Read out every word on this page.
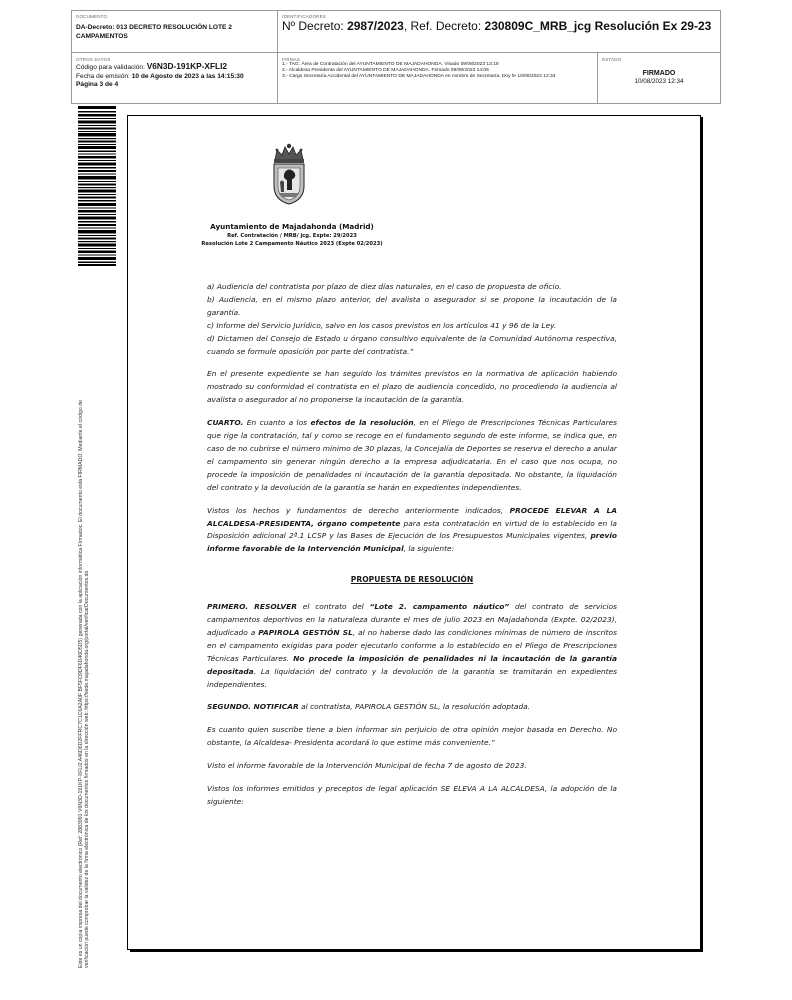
DOCUMENTO
DA-Decreto: 013 DECRETO RESOLUCIÓN LOTE 2 CAMPAMENTOS
IDENTIFICADORES
Nº Decreto: 2987/2023, Ref. Decreto: 230809C_MRB_jcg Resolución Ex 29-23
OTROS DATOS
Código para validación: V6N3D-191KP-XFLI2
Fecha de emisión: 10 de Agosto de 2023 a las 14:15:30
Página 3 de 4
FIRMAS
1.- TAG. Área de Contratación del AYUNTAMIENTO DE MAJADAHONDA. Visado 09/08/2023 13:19
2.- Alcaldesa Presidenta del AYUNTAMIENTO DE MAJADAHONDA. Firmado 09/08/2023 14:05
3.- Cargo Secretaría Accidental del AYUNTAMIENTO DE MAJADAHONDA en nombre de Secretaría. Doy fe 10/08/2023 12:34
ESTADO
FIRMADO
10/08/2023 12:34
Este es un copia impresa del documento electrónico (Ref: 2883991 V6N3D-191KP-XFLI2 A46D6D2FFRC7C1C6A2A0F BF5FD9DF6D46D5D5) generada con la aplicación informática Firmadoc. El documento está FIRMADO. Mediante el código de verificación puede comprobar la validez de la firma electrónica de los documentos firmados en la dirección web: https://sede.majadahonda.org/portal/verificarDocumentos.do
Ayuntamiento de Majadahonda (Madrid)
Ref. Contratación / MRB/ jcg. Expte: 29/2023
Resolución Lote 2 Campamento Náutico 2023 (Expte 02/2023)

a) Audiencia del contratista por plazo de diez días naturales, en el caso de propuesta de oficio.

b) Audiencia, en el mismo plazo anterior, del avalista o asegurador si se propone la incautación de la garantía.

c) Informe del Servicio Jurídico, salvo en los casos previstos en los artículos 41 y 96 de la Ley.

d) Dictamen del Consejo de Estado u órgano consultivo equivalente de la Comunidad Autónoma respectiva, cuando se formule oposición por parte del contratista.”

En el presente expediente se han seguido los trámites previstos en la normativa de aplicación habiendo mostrado su conformidad el contratista en el plazo de audiencia concedido, no procediendo la audiencia al avalista o asegurador al no proponerse la incautación de la garantía.

CUARTO. En cuanto a los efectos de la resolución, en el Pliego de Prescripciones Técnicas Particulares que rige la contratación, tal y como se recoge en el fundamento segundo de este informe, se indica que, en caso de no cubrirse el número mínimo de 30 plazas, la Concejalía de Deportes se reserva el derecho a anular el campamento sin generar ningún derecho a la empresa adjudicataria. En el caso que nos ocupa, no procede la imposición de penalidades ni incautación de la garantía depositada. No obstante, la liquidación del contrato y la devolución de la garantía se harán en expedientes independientes.

Vistos los hechos y fundamentos de derecho anteriormente indicados, PROCEDE ELEVAR A LA ALCALDESA-PRESIDENTA, órgano competente para esta contratación en virtud de lo establecido en la Disposición adicional 2ª.1 LCSP y las Bases de Ejecución de los Presupuestos Municipales vigentes, previo informe favorable de la Intervención Municipal, la siguiente:

PROPUESTA DE RESOLUCIÓN

PRIMERO. RESOLVER el contrato del “Lote 2. campamento náutico” del contrato de servicios campamentos deportivos en la naturaleza durante el mes de julio 2023 en Majadahonda (Expte. 02/2023), adjudicado a PAPIROLA GESTIÓN SL, al no haberse dado las condiciones mínimas de número de inscritos en el campamento exigidas para poder ejecutarlo conforme a lo establecido en el Pliego de Prescripciones Técnicas Particulares. No procede la imposición de penalidades ni la incautación de la garantía depositada. La liquidación del contrato y la devolución de la garantía se tramitarán en expedientes independientes.

SEGUNDO. NOTIFICAR al contratista, PAPIROLA GESTIÓN SL, la resolución adoptada.

Es cuanto quien suscribe tiene a bien informar sin perjuicio de otra opinión mejor basada en Derecho. No obstante, la Alcaldesa- Presidenta acordará lo que estime más conveniente.”

Visto el informe favorable de la Intervención Municipal de fecha 7 de agosto de 2023.

Vistos los informes emitidos y preceptos de legal aplicación SE ELEVA A LA ALCALDESA, la adopción de la siguiente:
